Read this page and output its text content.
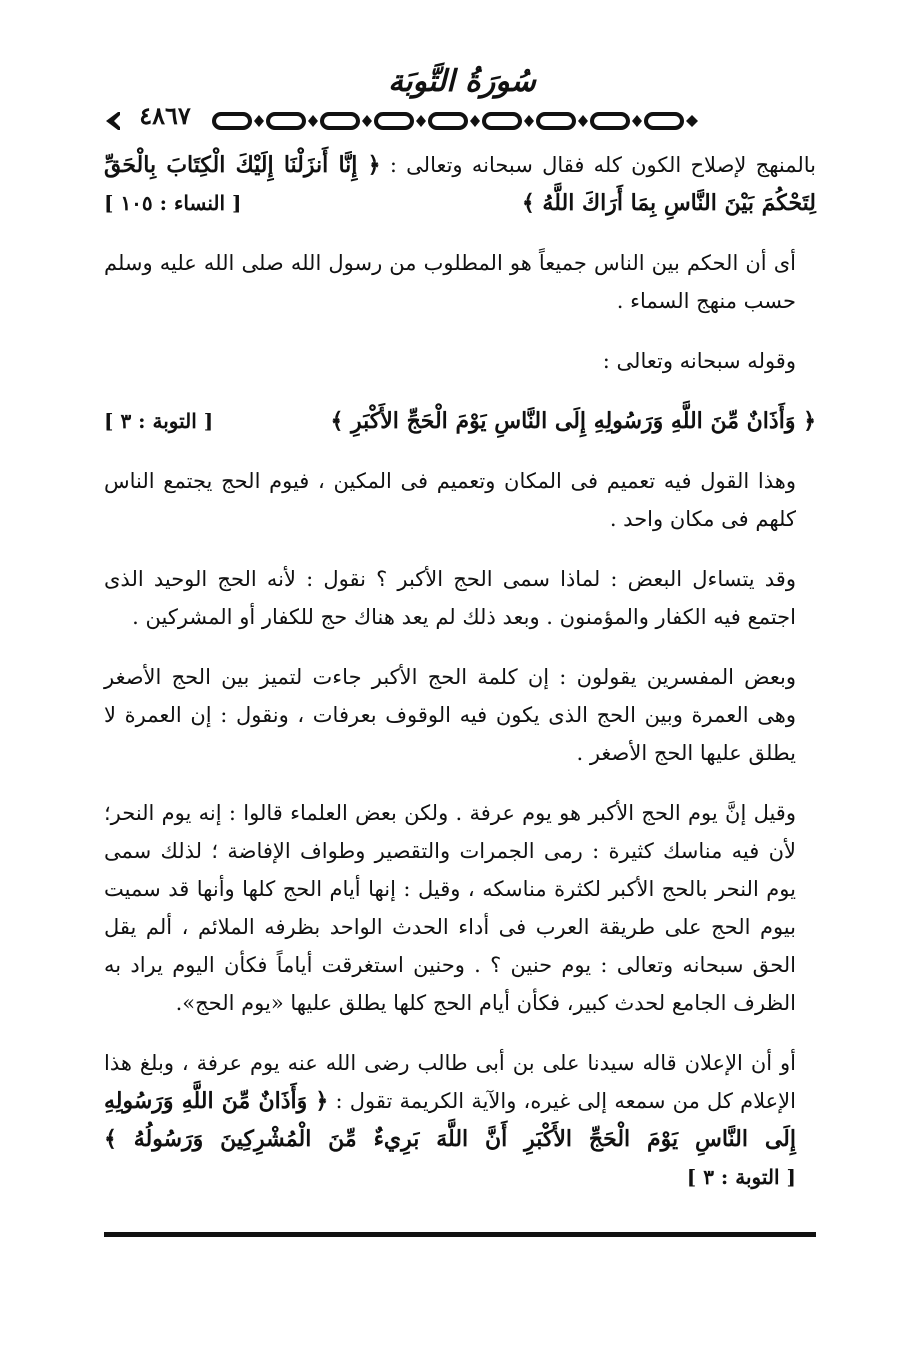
سُورَةُ التَّوبَة
٤٨٦٧

بالمنهج لإصلاح الكون كله فقال سبحانه وتعالى : ﴿ إِنَّا أَنزَلْنَا إِلَيْكَ الْكِتَابَ بِالْحَقِّ لِتَحْكُمَ بَيْنَ النَّاسِ بِمَا أَرَاكَ اللَّهُ ﴾
[ النساء : ١٠٥ ]

أى أن الحكم بين الناس جميعاً هو المطلوب من رسول الله صلى الله عليه وسلم حسب منهج السماء .

وقوله سبحانه وتعالى :

﴿ وَأَذَانٌ مِّنَ اللَّهِ وَرَسُولِهِ إِلَى النَّاسِ يَوْمَ الْحَجِّ الأَكْبَرِ ﴾
[ التوبة : ٣ ]

وهذا القول فيه تعميم فى المكان وتعميم فى المكين ، فيوم الحج يجتمع الناس كلهم فى مكان واحد .

وقد يتساءل البعض : لماذا سمى الحج الأكبر ؟ نقول : لأنه الحج الوحيد الذى اجتمع فيه الكفار والمؤمنون . وبعد ذلك لم يعد هناك حج للكفار أو المشركين .

وبعض المفسرين يقولون : إن كلمة الحج الأكبر جاءت لتميز بين الحج الأصغر وهى العمرة وبين الحج الذى يكون فيه الوقوف بعرفات ، ونقول : إن العمرة لا يطلق عليها الحج الأصغر .

وقيل إنَّ يوم الحج الأكبر هو يوم عرفة . ولكن بعض العلماء قالوا : إنه يوم النحر؛ لأن فيه مناسك كثيرة : رمى الجمرات والتقصير وطواف الإفاضة ؛ لذلك سمى يوم النحر بالحج الأكبر لكثرة مناسكه ، وقيل : إنها أيام الحج كلها وأنها قد سميت بيوم الحج على طريقة العرب فى أداء الحدث الواحد بظرفه الملائم ، ألم يقل الحق سبحانه وتعالى : يوم حنين ؟ . وحنين استغرقت أياماً فكأن اليوم يراد به الظرف الجامع لحدث كبير، فكأن أيام الحج كلها يطلق عليها «يوم الحج».

أو أن الإعلان قاله سيدنا على بن أبى طالب رضى الله عنه يوم عرفة ، وبلغ هذا الإعلام كل من سمعه إلى غيره، والآية الكريمة تقول : ﴿ وَأَذَانٌ مِّنَ اللَّهِ وَرَسُولِهِ إِلَى النَّاسِ يَوْمَ الْحَجِّ الأَكْبَرِ أَنَّ اللَّهَ بَرِيءٌ مِّنَ الْمُشْرِكِينَ وَرَسُولُهُ ﴾ [ التوبة : ٣ ]
